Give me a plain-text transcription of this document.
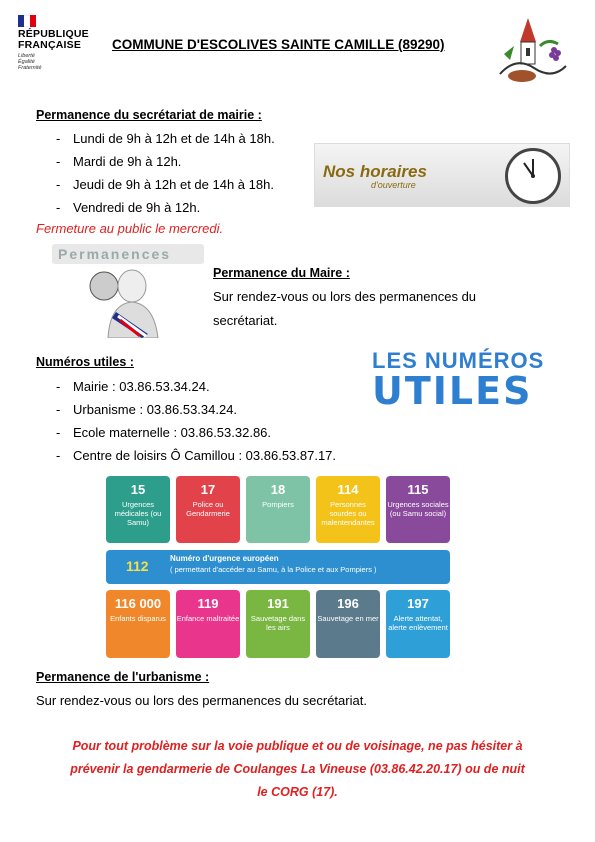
RÉPUBLIQUE
FRANÇAISE
Liberté
Égalité
Fraternité
COMMUNE D'ESCOLIVES SAINTE CAMILLE (89290)
Permanence du secrétariat de mairie :
- Lundi de 9h à 12h et de 14h à 18h.
- Mardi de 9h à 12h.
- Jeudi de 9h à 12h et de 14h à 18h.
- Vendredi de 9h à 12h.
Fermeture au public le mercredi.
Nos horaires
d'ouverture
Permanences
Permanence du Maire :
Sur rendez-vous ou lors des permanences du
secrétariat.
Numéros utiles :
- Mairie : 03.86.53.34.24.
- Urbanisme : 03.86.53.34.24.
- Ecole maternelle : 03.86.53.32.86.
- Centre de loisirs Ô Camillou : 03.86.53.87.17.
LES NUMÉROS
UTILES
15
Urgences médicales (ou Samu)
17
Police ou Gendarmerie
18
Pompiers
114
Personnes sourdes ou malentendantes
115
Urgences sociales (ou Samu social)
112	Numéro d'urgence européen
( permettant d'accéder au Samu, à la Police et aux Pompiers )
116 000
Enfants disparus
119
Enfance maltraitée
191
Sauvetage dans les airs
196
Sauvetage en mer
197
Alerte attentat, alerte enlèvement
Permanence de l'urbanisme :
Sur rendez-vous ou lors des permanences du secrétariat.
Pour tout problème sur la voie publique et ou de voisinage, ne pas hésiter à
prévenir la gendarmerie de Coulanges La Vineuse (03.86.42.20.17) ou de nuit
le CORG (17).
